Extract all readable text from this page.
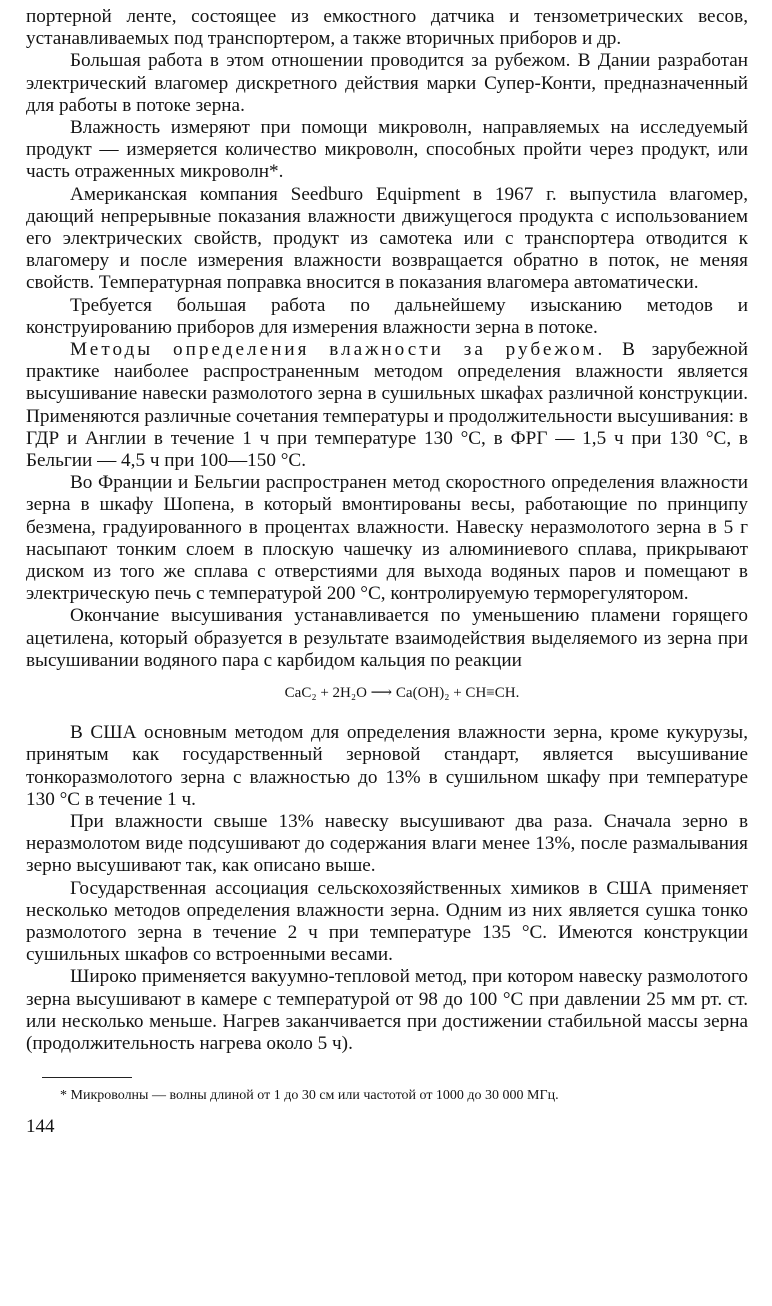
портерной ленте, состоящее из емкостного датчика и тензометрических весов, устанавливаемых под транспортером, а также вторичных приборов и др.

Большая работа в этом отношении проводится за рубежом. В Дании разработан электрический влагомер дискретного действия марки Супер-Конти, предназначенный для работы в потоке зерна.

Влажность измеряют при помощи микроволн, направляемых на исследуемый продукт — измеряется количество микроволн, способных пройти через продукт, или часть отраженных микроволн*.

Американская компания Seedburo Equipment в 1967 г. выпустила влагомер, дающий непрерывные показания влажности движущегося продукта с использованием его электрических свойств, продукт из самотека или с транспортера отводится к влагомеру и после измерения влажности возвращается обратно в поток, не меняя свойств. Температурная поправка вносится в показания влагомера автоматически.

Требуется большая работа по дальнейшему изысканию методов и конструированию приборов для измерения влажности зерна в потоке.

Методы определения влажности за рубежом. В зарубежной практике наиболее распространенным методом определения влажности является высушивание навески размолотого зерна в сушильных шкафах различной конструкции. Применяются различные сочетания температуры и продолжительности высушивания: в ГДР и Англии в течение 1 ч при температуре 130 °С, в ФРГ — 1,5 ч при 130 °С, в Бельгии — 4,5 ч при 100—150 °С.

Во Франции и Бельгии распространен метод скоростного определения влажности зерна в шкафу Шопена, в который вмонтированы весы, работающие по принципу безмена, градуированного в процентах влажности. Навеску неразмолотого зерна в 5 г насыпают тонким слоем в плоскую чашечку из алюминиевого сплава, прикрывают диском из того же сплава с отверстиями для выхода водяных паров и помещают в электрическую печь с температурой 200 °С, контролируемую терморегулятором.

Окончание высушивания устанавливается по уменьшению пламени горящего ацетилена, который образуется в результате взаимодействия выделяемого из зерна при высушивании водяного пара с карбидом кальция по реакции

CaC₂ + 2H₂O ⟶ Ca(OH)₂ + CH≡CH.

В США основным методом для определения влажности зерна, кроме кукурузы, принятым как государственный зерновой стандарт, является высушивание тонкоразмолотого зерна с влажностью до 13% в сушильном шкафу при температуре 130 °С в течение 1 ч.

При влажности свыше 13% навеску высушивают два раза. Сначала зерно в неразмолотом виде подсушивают до содержания влаги менее 13%, после размалывания зерно высушивают так, как описано выше.

Государственная ассоциация сельскохозяйственных химиков в США применяет несколько методов определения влажности зерна. Одним из них является сушка тонко размолотого зерна в течение 2 ч при температуре 135 °С. Имеются конструкции сушильных шкафов со встроенными весами.

Широко применяется вакуумно-тепловой метод, при котором навеску размолотого зерна высушивают в камере с температурой от 98 до 100 °С при давлении 25 мм рт. ст. или несколько меньше. Нагрев заканчивается при достижении стабильной массы зерна (продолжительность нагрева около 5 ч).

* Микроволны — волны длиной от 1 до 30 см или частотой от 1000 до 30 000 МГц.

144
